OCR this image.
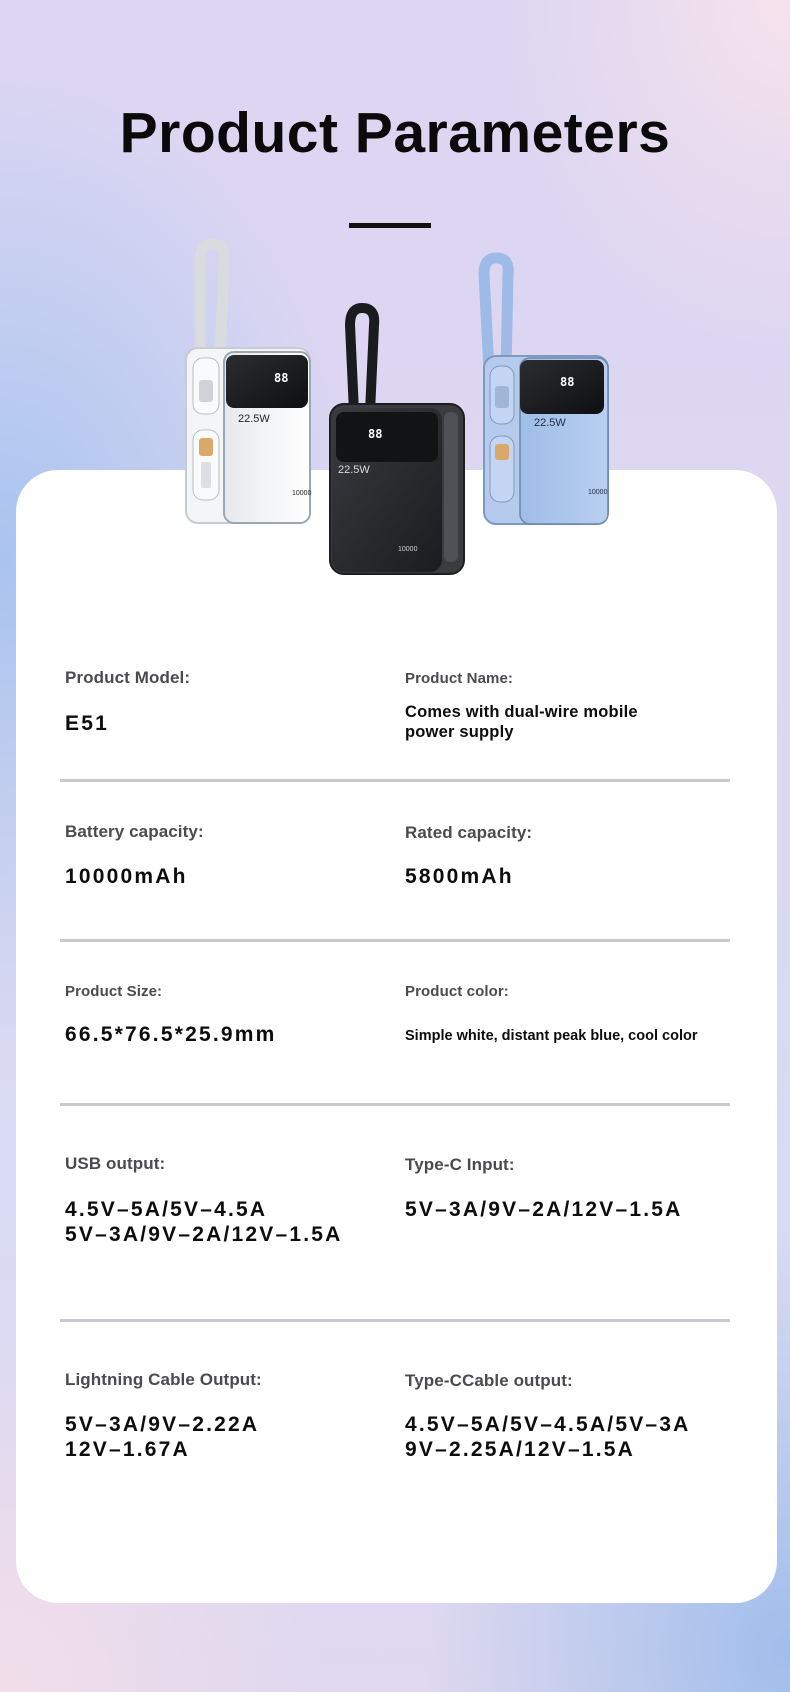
Product Parameters
88
22.5W
10000
88
22.5W
10000
88
22.5W
10000
Product Model:
E51
Product Name:
Comes with dual-wire mobile
power supply
Battery capacity:
10000mAh
Rated capacity:
5800mAh
Product Size:
66.5*76.5*25.9mm
Product color:
Simple white, distant peak blue, cool color
USB output:
4.5V–5A/5V–4.5A
5V–3A/9V–2A/12V–1.5A
Type-C Input:
5V–3A/9V–2A/12V–1.5A
Lightning Cable Output:
5V–3A/9V–2.22A
12V–1.67A
Type-CCable output:
4.5V–5A/5V–4.5A/5V–3A
9V–2.25A/12V–1.5A
